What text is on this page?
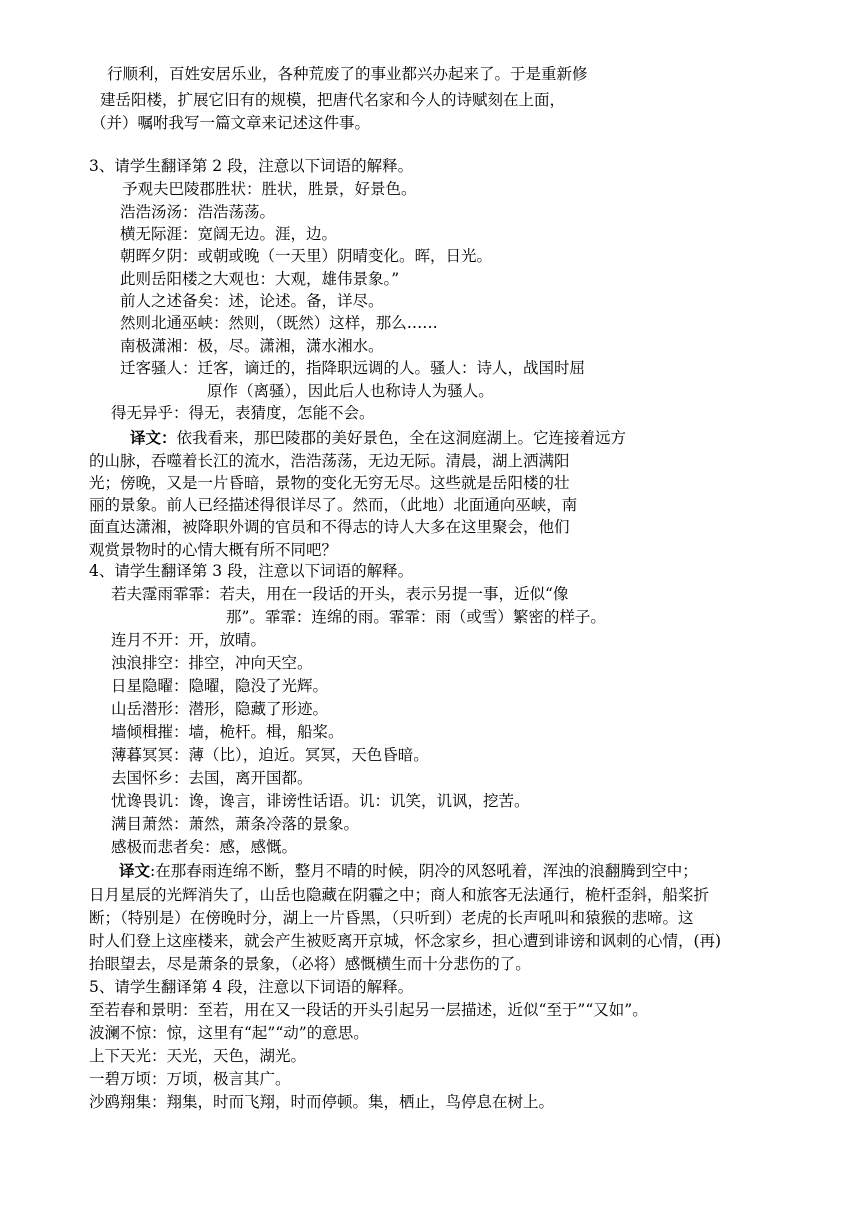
行顺利，百姓安居乐业，各种荒废了的事业都兴办起来了。于是重新修
建岳阳楼，扩展它旧有的规模，把唐代名家和今人的诗赋刻在上面，
（并）嘱咐我写一篇文章来记述这件事。
3、请学生翻译第 2 段，注意以下词语的解释。
予观夫巴陵郡胜状：胜状，胜景，好景色。
浩浩汤汤：浩浩荡荡。
横无际涯：宽阔无边。涯，边。
朝晖夕阴：或朝或晚（一天里）阴晴变化。晖，日光。
此则岳阳楼之大观也：大观，雄伟景象。”
前人之述备矣：述，论述。备，详尽。
然则北通巫峡：然则，（既然）这样，那么……
南极潇湘：极，尽。潇湘，潇水湘水。
迁客骚人：迁客，谪迁的，指降职远调的人。骚人：诗人，战国时屈
原作（离骚），因此后人也称诗人为骚人。
得无异乎：得无，表猜度，怎能不会。
译文：依我看来，那巴陵郡的美好景色，全在这洞庭湖上。它连接着远方
的山脉，吞噬着长江的流水，浩浩荡荡，无边无际。清晨，湖上洒满阳
光；傍晚，又是一片昏暗，景物的变化无穷无尽。这些就是岳阳楼的壮
丽的景象。前人已经描述得很详尽了。然而，（此地）北面通向巫峡，南
面直达潇湘，被降职外调的官员和不得志的诗人大多在这里聚会，他们
观赏景物时的心情大概有所不同吧？
4、请学生翻译第 3 段，注意以下词语的解释。
若夫霪雨霏霏：若夫，用在一段话的开头，表示另提一事，近似“像
那”。霏霏：连绵的雨。霏霏：雨（或雪）繁密的样子。
连月不开：开，放晴。
浊浪排空：排空，冲向天空。
日星隐曜：隐曜，隐没了光辉。
山岳潜形：潜形，隐藏了形迹。
墙倾楫摧：墙，桅杆。楫，船桨。
薄暮冥冥：薄（比），迫近。冥冥，天色昏暗。
去国怀乡：去国，离开国都。
忧谗畏讥：谗，谗言，诽谤性话语。讥：讥笑，讥讽，挖苦。
满目萧然：萧然，萧条冷落的景象。
感极而悲者矣：感，感慨。
译文:在那春雨连绵不断，整月不晴的时候，阴冷的风怒吼着，浑浊的浪翻腾到空中；
日月星辰的光辉消失了，山岳也隐藏在阴霾之中；商人和旅客无法通行，桅杆歪斜，船桨折
断；（特别是）在傍晚时分，湖上一片昏黑，（只听到）老虎的长声吼叫和猿猴的悲啼。这
时人们登上这座楼来，就会产生被贬离开京城，怀念家乡，担心遭到诽谤和讽刺的心情，(再)
抬眼望去，尽是萧条的景象，（必将）感慨横生而十分悲伤的了。
5、请学生翻译第 4 段，注意以下词语的解释。
至若春和景明：至若，用在又一段话的开头引起另一层描述，近似“至于”“又如”。
波澜不惊：惊，这里有“起”“动”的意思。
上下天光：天光，天色，湖光。
一碧万顷：万顷，极言其广。
沙鸥翔集：翔集，时而飞翔，时而停顿。集，栖止，鸟停息在树上。
